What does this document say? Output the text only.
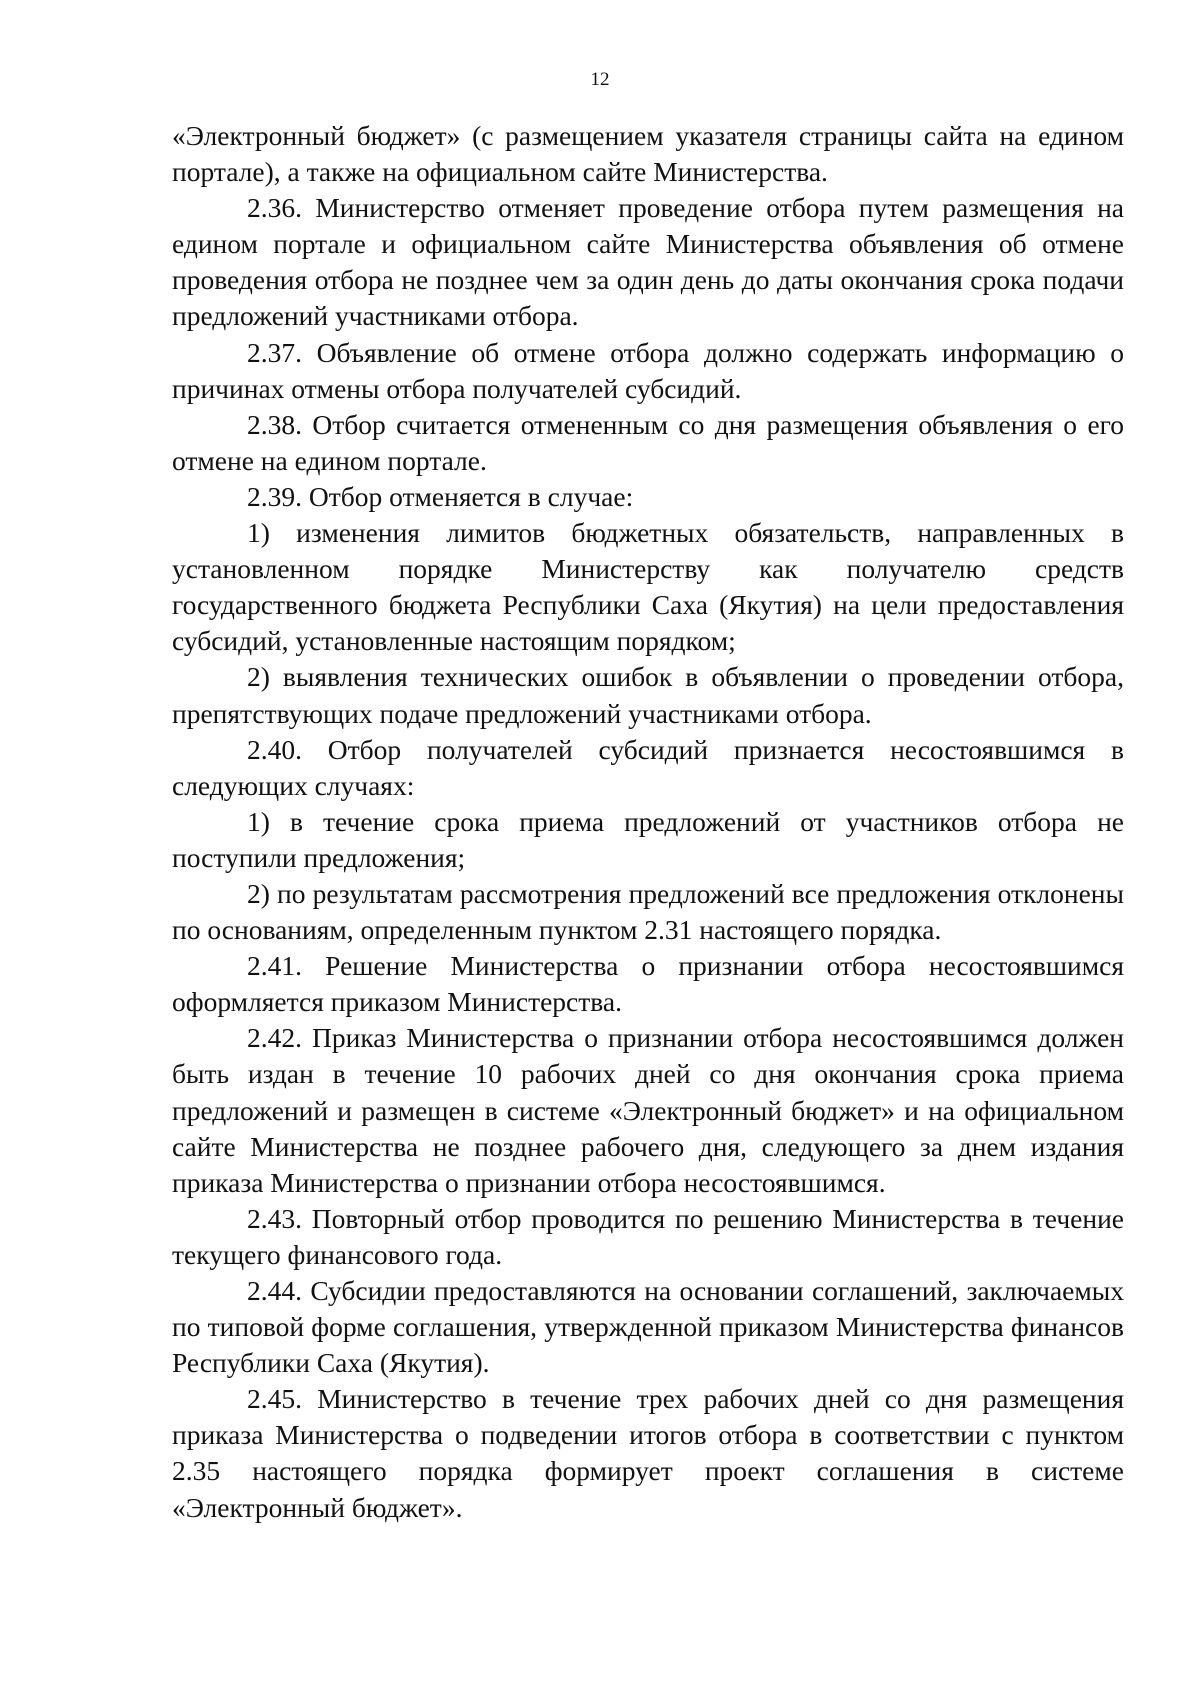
12

«Электронный бюджет» (с размещением указателя страницы сайта на едином портале), а также на официальном сайте Министерства.

2.36. Министерство отменяет проведение отбора путем размещения на едином портале и официальном сайте Министерства объявления об отмене проведения отбора не позднее чем за один день до даты окончания срока подачи предложений участниками отбора.

2.37. Объявление об отмене отбора должно содержать информацию о причинах отмены отбора получателей субсидий.

2.38. Отбор считается отмененным со дня размещения объявления о его отмене на едином портале.

2.39. Отбор отменяется в случае:

1) изменения лимитов бюджетных обязательств, направленных в установленном порядке Министерству как получателю средств государственного бюджета Республики Саха (Якутия) на цели предоставления субсидий, установленные настоящим порядком;

2) выявления технических ошибок в объявлении о проведении отбора, препятствующих подаче предложений участниками отбора.

2.40. Отбор получателей субсидий признается несостоявшимся в следующих случаях:

1) в течение срока приема предложений от участников отбора не поступили предложения;

2) по результатам рассмотрения предложений все предложения отклонены по основаниям, определенным пунктом 2.31 настоящего порядка.

2.41. Решение Министерства о признании отбора несостоявшимся оформляется приказом Министерства.

2.42. Приказ Министерства о признании отбора несостоявшимся должен быть издан в течение 10 рабочих дней со дня окончания срока приема предложений и размещен в системе «Электронный бюджет» и на официальном сайте Министерства не позднее рабочего дня, следующего за днем издания приказа Министерства о признании отбора несостоявшимся.

2.43. Повторный отбор проводится по решению Министерства в течение текущего финансового года.

2.44. Субсидии предоставляются на основании соглашений, заключаемых по типовой форме соглашения, утвержденной приказом Министерства финансов Республики Саха (Якутия).

2.45. Министерство в течение трех рабочих дней со дня размещения приказа Министерства о подведении итогов отбора в соответствии с пунктом 2.35 настоящего порядка формирует проект соглашения в системе «Электронный бюджет».
